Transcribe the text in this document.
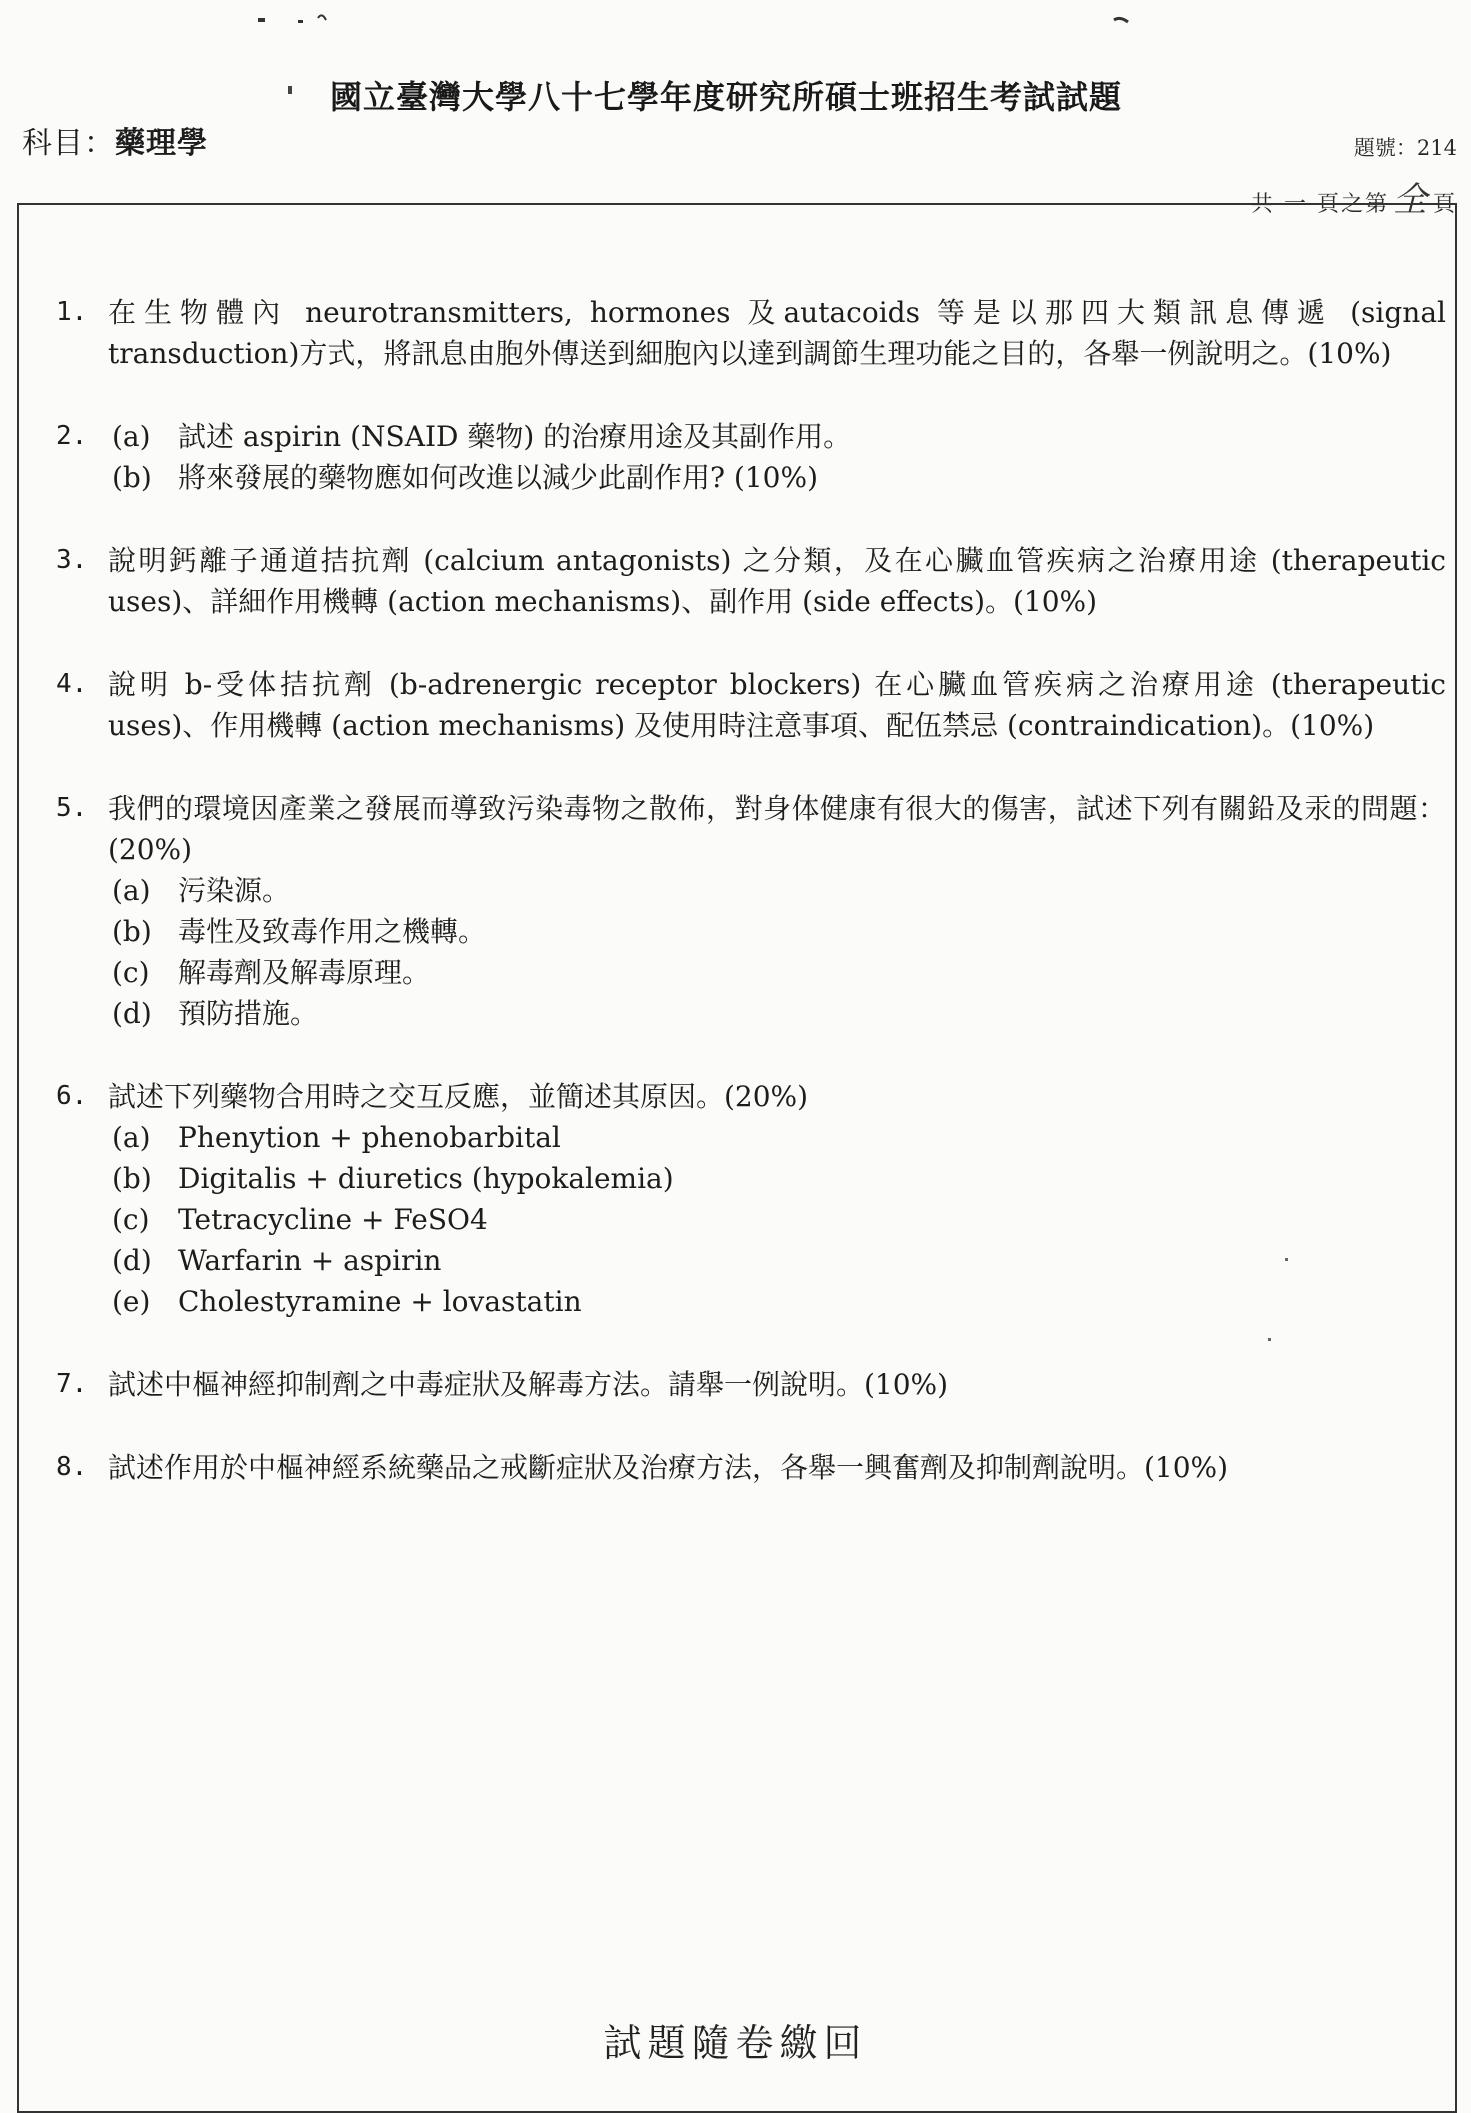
國立臺灣大學八十七學年度研究所碩士班招生考試試題
科目：藥理學	題號：214
共 一 頁之第 全 頁
1. 在生物體內 neurotransmitters, hormones 及autacoids 等是以那四大類訊息傳遞 (signal transduction)方式，將訊息由胞外傳送到細胞內以達到調節生理功能之目的，各舉一例說明之。(10%)
2. (a) 試述 aspirin (NSAID 藥物) 的治療用途及其副作用。
(b) 將來發展的藥物應如何改進以減少此副作用? (10%)
3. 說明鈣離子通道拮抗劑 (calcium antagonists) 之分類，及在心臟血管疾病之治療用途 (therapeutic uses)、詳細作用機轉 (action mechanisms)、副作用 (side effects)。(10%)
4. 說明 b-受体拮抗劑 (b-adrenergic receptor blockers) 在心臟血管疾病之治療用途 (therapeutic uses)、作用機轉 (action mechanisms) 及使用時注意事項、配伍禁忌 (contraindication)。(10%)
5. 我們的環境因產業之發展而導致污染毒物之散佈，對身体健康有很大的傷害，試述下列有關鉛及汞的問題：(20%)
(a) 污染源。
(b) 毒性及致毒作用之機轉。
(c) 解毒劑及解毒原理。
(d) 預防措施。
6. 試述下列藥物合用時之交互反應，並簡述其原因。(20%)
(a) Phenytion + phenobarbital
(b) Digitalis + diuretics (hypokalemia)
(c) Tetracycline + FeSO4
(d) Warfarin + aspirin
(e) Cholestyramine + lovastatin
7. 試述中樞神經抑制劑之中毒症狀及解毒方法。請舉一例說明。(10%)
8. 試述作用於中樞神經系統藥品之戒斷症狀及治療方法，各舉一興奮劑及抑制劑說明。(10%)
試題隨卷繳回
